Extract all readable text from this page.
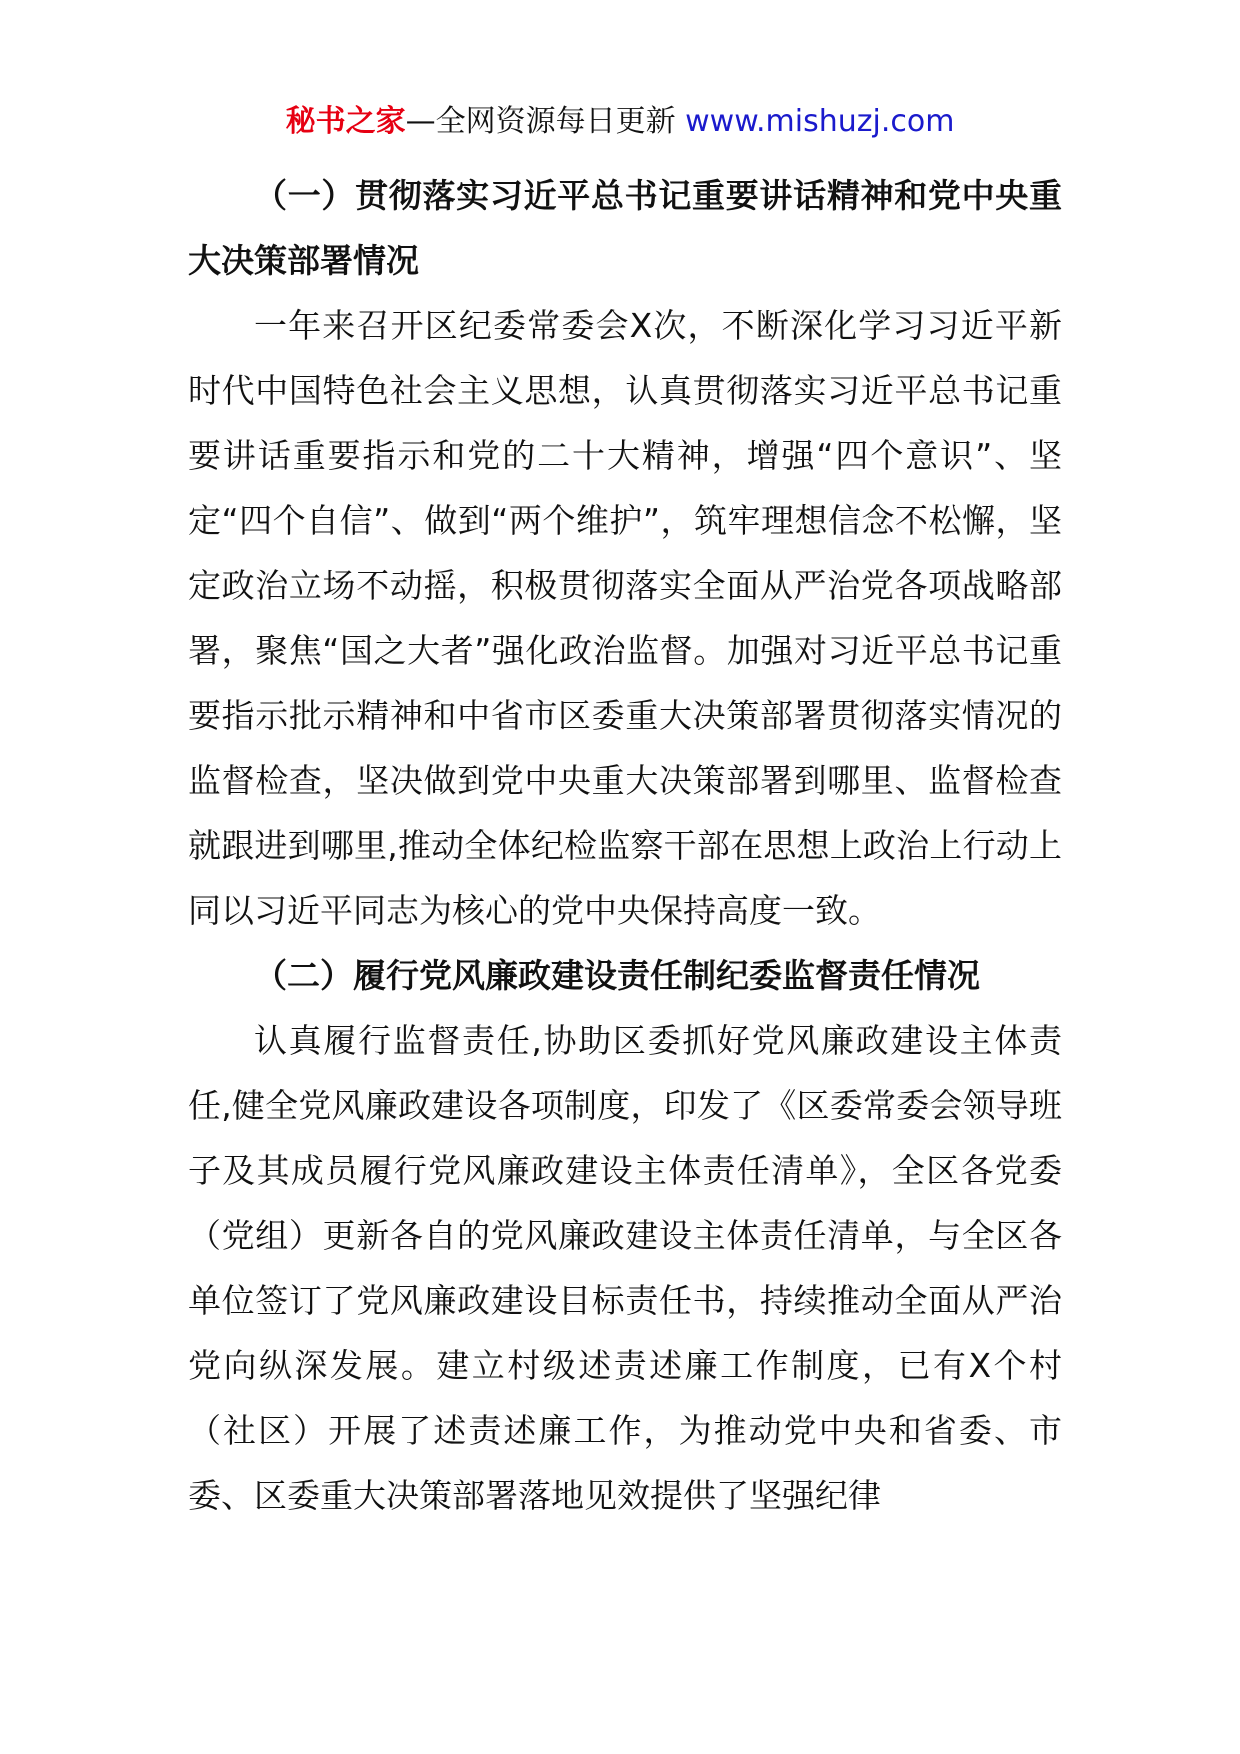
秘书之家—全网资源每日更新 www.mishuzj.com

（一）贯彻落实习近平总书记重要讲话精神和党中央重大决策部署情况

一年来召开区纪委常委会X次，不断深化学习习近平新时代中国特色社会主义思想，认真贯彻落实习近平总书记重要讲话重要指示和党的二十大精神，增强“四个意识”、坚定“四个自信”、做到“两个维护”，筑牢理想信念不松懈，坚定政治立场不动摇，积极贯彻落实全面从严治党各项战略部署，聚焦“国之大者”强化政治监督。加强对习近平总书记重要指示批示精神和中省市区委重大决策部署贯彻落实情况的监督检查，坚决做到党中央重大决策部署到哪里、监督检查就跟进到哪里,推动全体纪检监察干部在思想上政治上行动上同以习近平同志为核心的党中央保持高度一致。

（二）履行党风廉政建设责任制纪委监督责任情况

认真履行监督责任,协助区委抓好党风廉政建设主体责任,健全党风廉政建设各项制度，印发了《区委常委会领导班子及其成员履行党风廉政建设主体责任清单》，全区各党委（党组）更新各自的党风廉政建设主体责任清单，与全区各单位签订了党风廉政建设目标责任书，持续推动全面从严治党向纵深发展。建立村级述责述廉工作制度，已有X个村（社区）开展了述责述廉工作，为推动党中央和省委、市委、区委重大决策部署落地见效提供了坚强纪律
